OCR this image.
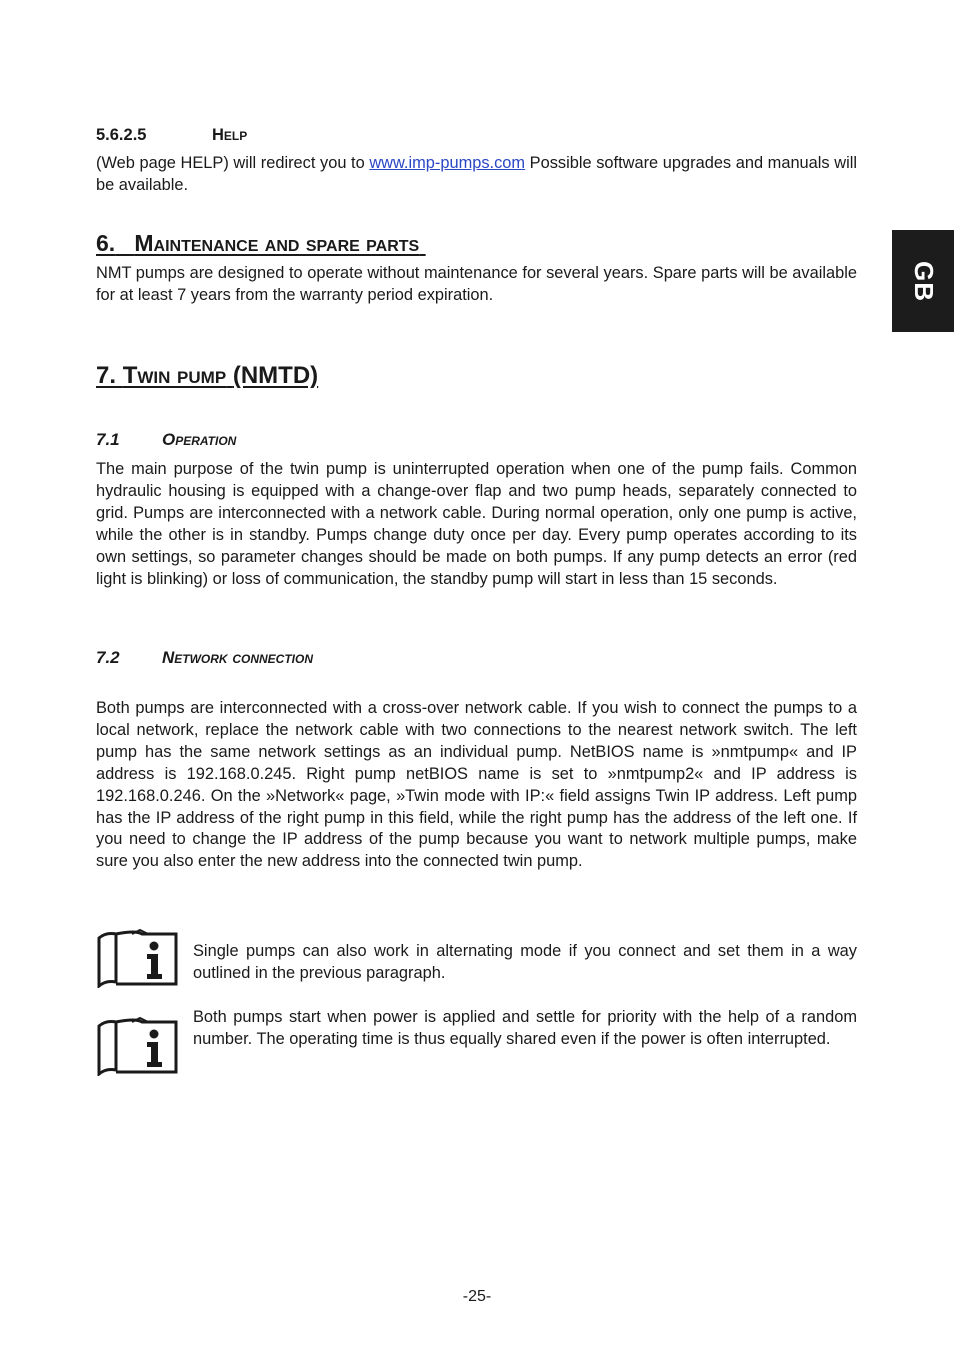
GB
5.6.2.5	Help

(Web page HELP) will redirect you to www.imp-pumps.com Possible software upgrades and manuals will be available.

6. Maintenance and spare parts

NMT pumps are designed to operate without maintenance for several years. Spare parts will be available for at least 7 years from the warranty period expiration.

7. Twin pump (NMTD)
7.1 Operation

The main purpose of the twin pump is uninterrupted operation when one of the pump fails. Common hydraulic housing is equipped with a change-over flap and two pump heads, separately connected to grid. Pumps are interconnected with a network cable. During normal operation, only one pump is active, while the other is in standby. Pumps change duty once per day. Every pump operates according to its own settings, so parameter changes should be made on both pumps. If any pump detects an error (red light is blinking) or loss of communication, the standby pump will start in less than 15 seconds.

7.2 Network connection

Both pumps are interconnected with a cross-over network cable. If you wish to connect the pumps to a local network, replace the network cable with two connections to the nearest network switch. The left pump has the same network settings as an individual pump. NetBIOS name is »nmtpump« and IP address is 192.168.0.245. Right pump netBIOS name is set to »nmtpump2« and IP address is 192.168.0.246. On the »Network« page, »Twin mode with IP:« field assigns Twin IP address. Left pump has the IP address of the right pump in this field, while the right pump has the address of the left one. If you need to change the IP address of the pump because you want to network multiple pumps, make sure you also enter the new address into the connected twin pump.

Single pumps can also work in alternating mode if you connect and set them in a way outlined in the previous paragraph.

Both pumps start when power is applied and settle for priority with the help of a random number. The operating time is thus equally shared even if the power is often interrupted.

-25-
